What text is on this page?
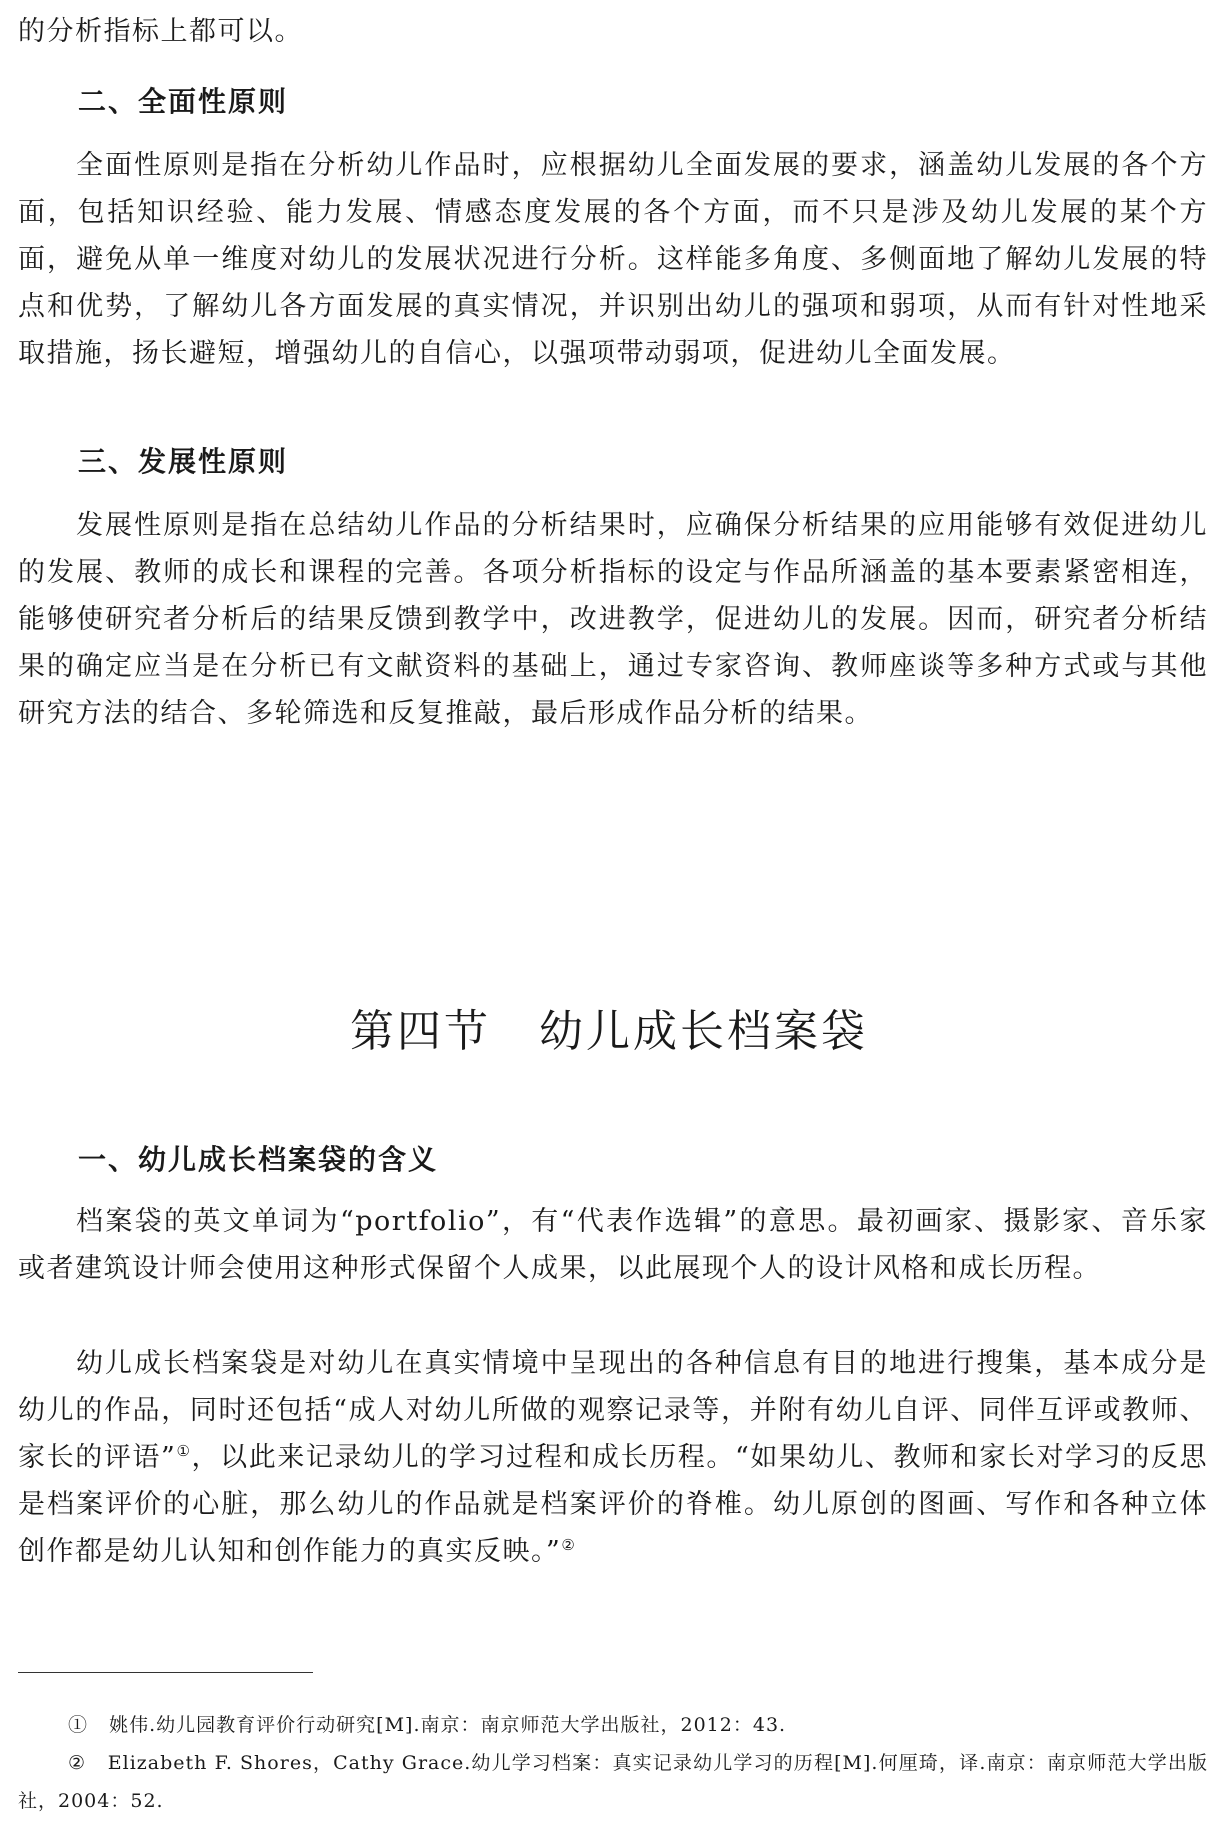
的分析指标上都可以。

二、全面性原则

全面性原则是指在分析幼儿作品时，应根据幼儿全面发展的要求，涵盖幼儿发展的各个方面，包括知识经验、能力发展、情感态度发展的各个方面，而不只是涉及幼儿发展的某个方面，避免从单一维度对幼儿的发展状况进行分析。这样能多角度、多侧面地了解幼儿发展的特点和优势，了解幼儿各方面发展的真实情况，并识别出幼儿的强项和弱项，从而有针对性地采取措施，扬长避短，增强幼儿的自信心，以强项带动弱项，促进幼儿全面发展。

三、发展性原则

发展性原则是指在总结幼儿作品的分析结果时，应确保分析结果的应用能够有效促进幼儿的发展、教师的成长和课程的完善。各项分析指标的设定与作品所涵盖的基本要素紧密相连，能够使研究者分析后的结果反馈到教学中，改进教学，促进幼儿的发展。因而，研究者分析结果的确定应当是在分析已有文献资料的基础上，通过专家咨询、教师座谈等多种方式或与其他研究方法的结合、多轮筛选和反复推敲，最后形成作品分析的结果。

第四节 幼儿成长档案袋
一、幼儿成长档案袋的含义

档案袋的英文单词为“portfolio”，有“代表作选辑”的意思。最初画家、摄影家、音乐家或者建筑设计师会使用这种形式保留个人成果，以此展现个人的设计风格和成长历程。

幼儿成长档案袋是对幼儿在真实情境中呈现出的各种信息有目的地进行搜集，基本成分是幼儿的作品，同时还包括“成人对幼儿所做的观察记录等，并附有幼儿自评、同伴互评或教师、家长的评语”①，以此来记录幼儿的学习过程和成长历程。“如果幼儿、教师和家长对学习的反思是档案评价的心脏，那么幼儿的作品就是档案评价的脊椎。幼儿原创的图画、写作和各种立体创作都是幼儿认知和创作能力的真实反映。”②

① 姚伟.幼儿园教育评价行动研究[M].南京：南京师范大学出版社，2012：43.

② Elizabeth F. Shores，Cathy Grace.幼儿学习档案：真实记录幼儿学习的历程[M].何厘琦，译.南京：南京师范大学出版社，2004：52.
